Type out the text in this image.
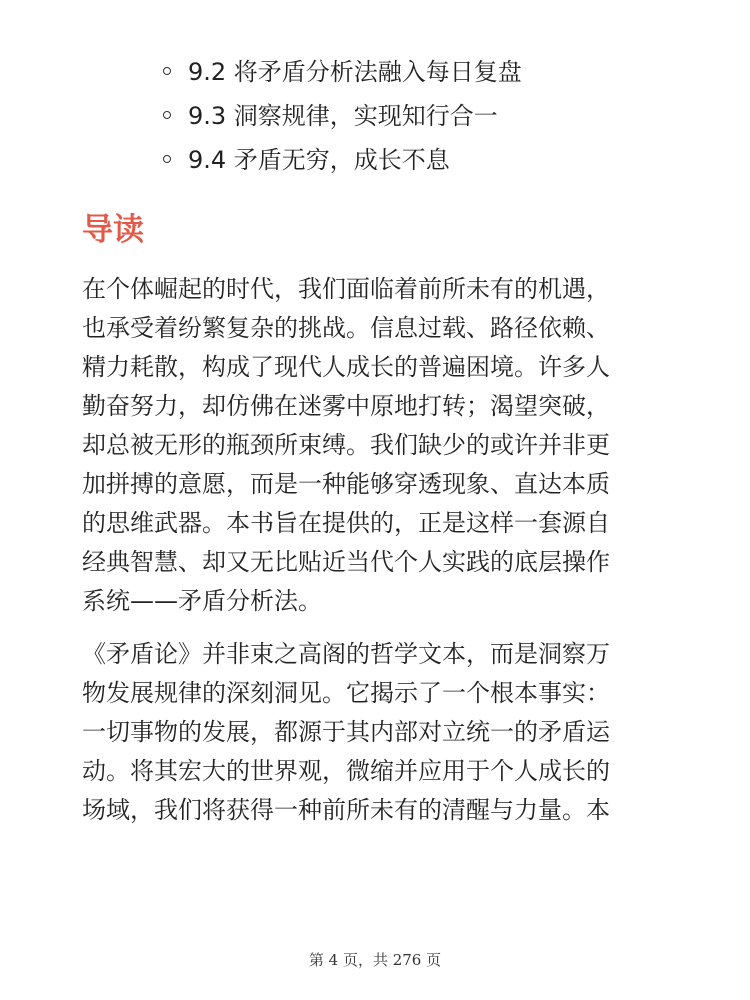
9.2 将矛盾分析法融入每日复盘
9.3 洞察规律，实现知行合一
9.4 矛盾无穷，成长不息
导读

在个体崛起的时代，我们面临着前所未有的机遇，
也承受着纷繁复杂的挑战。信息过载、路径依赖、
精力耗散，构成了现代人成长的普遍困境。许多人
勤奋努力，却仿佛在迷雾中原地打转；渴望突破，
却总被无形的瓶颈所束缚。我们缺少的或许并非更
加拼搏的意愿，而是一种能够穿透现象、直达本质
的思维武器。本书旨在提供的，正是这样一套源自
经典智慧、却又无比贴近当代个人实践的底层操作
系统——矛盾分析法。

《矛盾论》并非束之高阁的哲学文本，而是洞察万
物发展规律的深刻洞见。它揭示了一个根本事实：
一切事物的发展，都源于其内部对立统一的矛盾运
动。将其宏大的世界观，微缩并应用于个人成长的
场域，我们将获得一种前所未有的清醒与力量。本

第 4 页，共 276 页
